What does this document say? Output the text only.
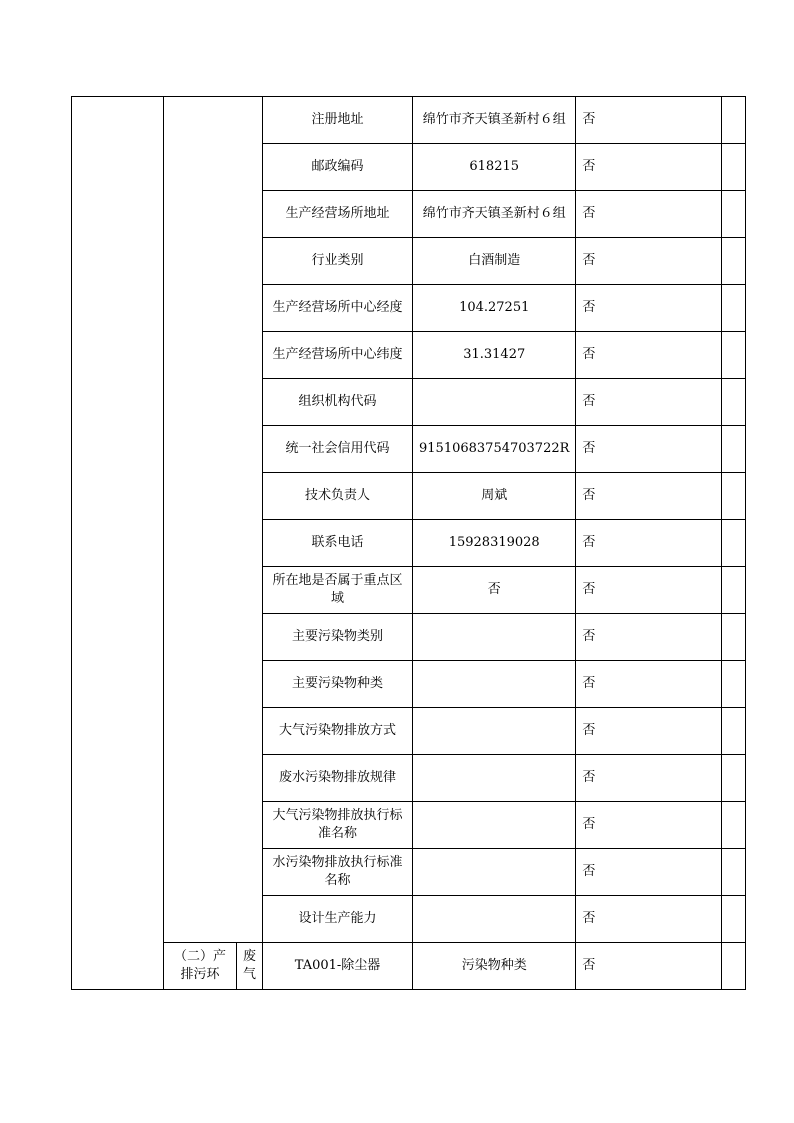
			注册地址	绵竹市齐天镇圣新村６组	否	
			邮政编码	618215	否	
			生产经营场所地址	绵竹市齐天镇圣新村６组	否	
			行业类别	白酒制造	否	
			生产经营场所中心经度	104.27251	否	
			生产经营场所中心纬度	31.31427	否	
			组织机构代码		否	
			统一社会信用代码	91510683754703722R	否	
			技术负责人	周斌	否	
			联系电话	15928319028	否	
			所在地是否属于重点区域	否	否	
			主要污染物类别		否	
			主要污染物种类		否	
			大气污染物排放方式		否	
			废水污染物排放规律		否	
			大气污染物排放执行标准名称		否	
			水污染物排放执行标准名称		否	
			设计生产能力		否	
	（二）产排污环	废气	TA001-除尘器	污染物种类	否	
